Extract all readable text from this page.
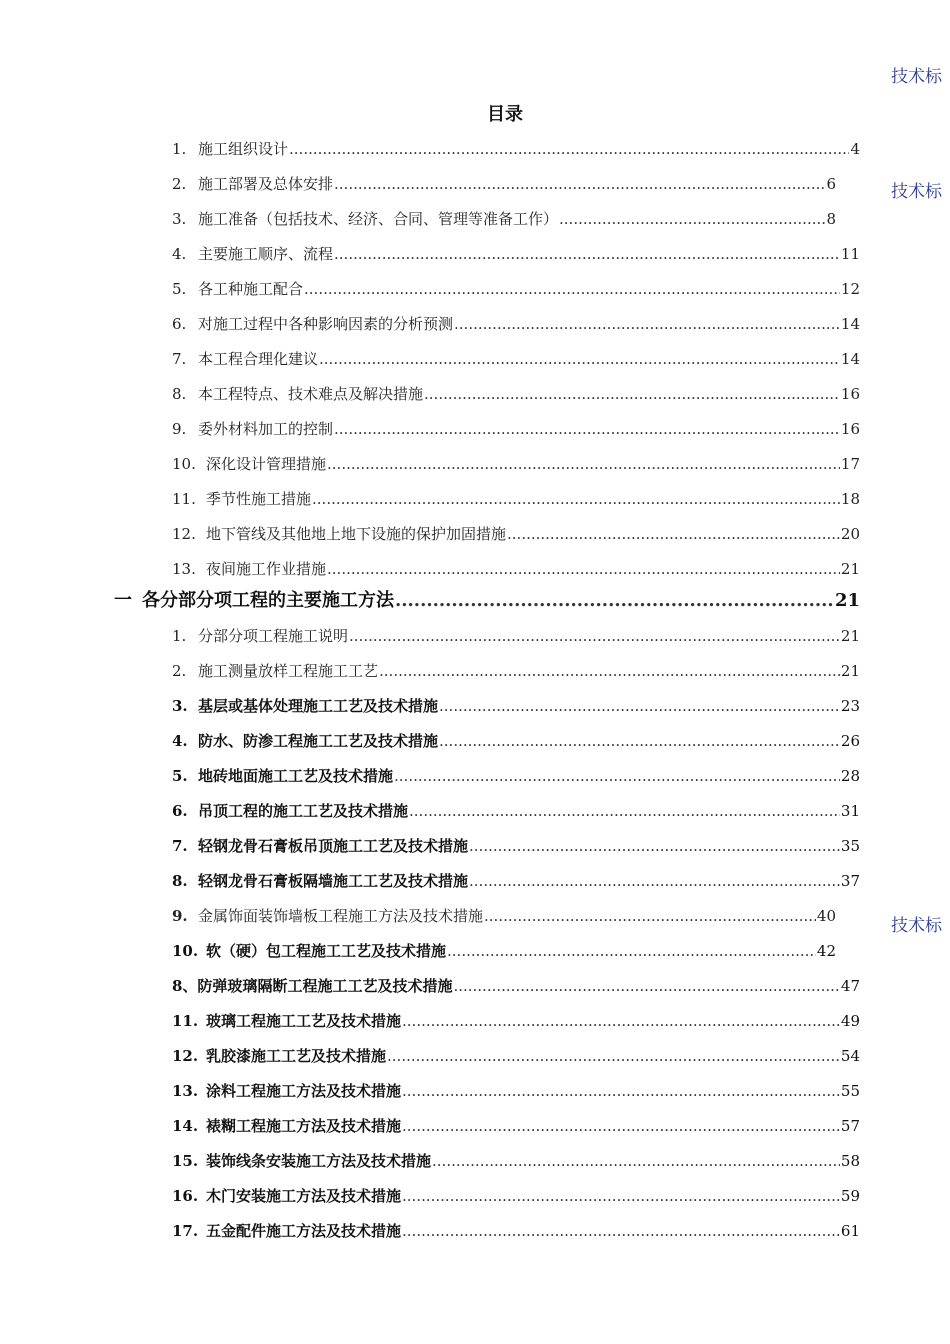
技术标
技术标
技术标
目录
1. 施工组织设计 .....	4
2. 施工部署及总体安排 .....	6
3. 施工准备（包括技术、经济、合同、管理等准备工作） .....	8
4. 主要施工顺序、流程 .....	11
5. 各工种施工配合 .....	12
6. 对施工过程中各种影响因素的分析预测 .....	14
7. 本工程合理化建议 .....	14
8. 本工程特点、技术难点及解决措施 .....	16
9. 委外材料加工的控制 .....	16
10. 深化设计管理措施 .....	17
11. 季节性施工措施 .....	18
12. 地下管线及其他地上地下设施的保护加固措施 .....	20
13. 夜间施工作业措施 .....	21
一 各分部分项工程的主要施工方法 .....	21
1. 分部分项工程施工说明 .....	21
2. 施工测量放样工程施工工艺 .....	21
3. 基层或基体处理施工工艺及技术措施 .....	23
4. 防水、防渗工程施工工艺及技术措施 .....	26
5. 地砖地面施工工艺及技术措施 .....	28
6. 吊顶工程的施工工艺及技术措施 .....	31
7. 轻钢龙骨石膏板吊顶施工工艺及技术措施 .....	35
8. 轻钢龙骨石膏板隔墙施工工艺及技术措施 .....	37
9. 金属饰面装饰墙板工程施工方法及技术措施 .....	40
10. 软（硬）包工程施工工艺及技术措施 .....	42
8、防弹玻璃隔断工程施工工艺及技术措施 .....	47
11. 玻璃工程施工工艺及技术措施 .....	49
12. 乳胶漆施工工艺及技术措施 .....	54
13. 涂料工程施工方法及技术措施 .....	55
14. 裱糊工程施工方法及技术措施 .....	57
15. 装饰线条安装施工方法及技术措施 .....	58
16. 木门安装施工方法及技术措施 .....	59
17. 五金配件施工方法及技术措施 .....	61
